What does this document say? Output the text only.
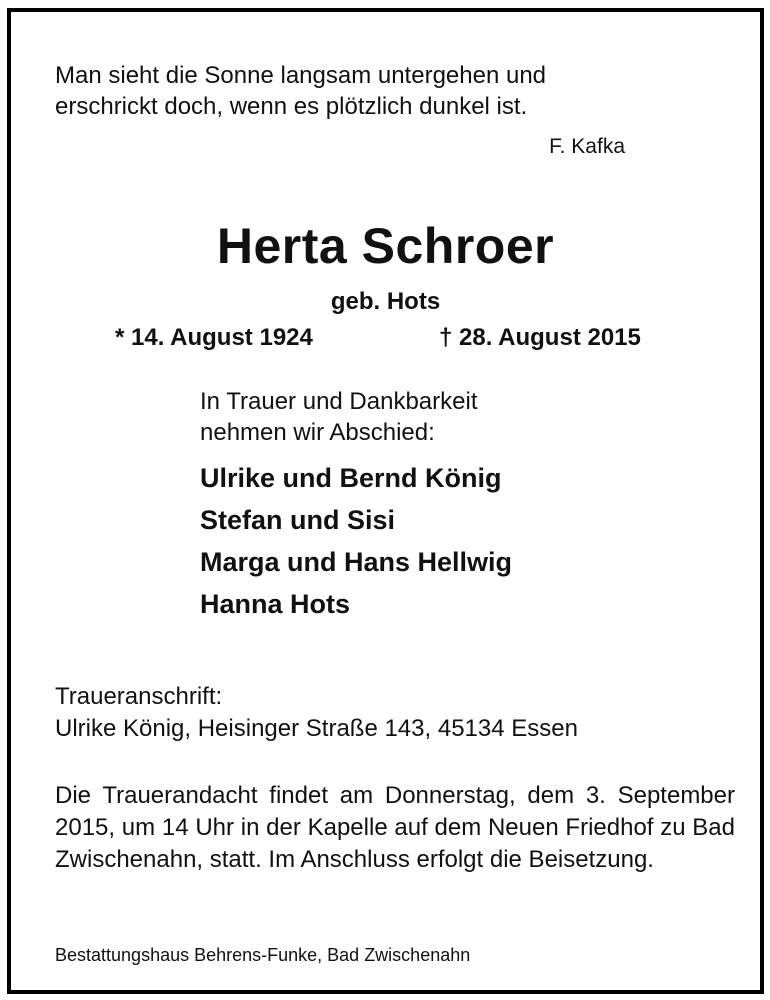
Man sieht die Sonne langsam untergehen und
erschrickt doch, wenn es plötzlich dunkel ist.
F. Kafka
Herta Schroer
geb. Hots
* 14. August 1924	† 28. August 2015
In Trauer und Dankbarkeit
nehmen wir Abschied:
Ulrike und Bernd König
Stefan und Sisi
Marga und Hans Hellwig
Hanna Hots
Traueranschrift:
Ulrike König, Heisinger Straße 143, 45134 Essen
Die Trauerandacht findet am Donnerstag, dem 3. September 2015, um 14 Uhr in der Kapelle auf dem Neuen Friedhof zu Bad Zwischenahn, statt. Im Anschluss erfolgt die Beisetzung.
Bestattungshaus Behrens-Funke, Bad Zwischenahn
